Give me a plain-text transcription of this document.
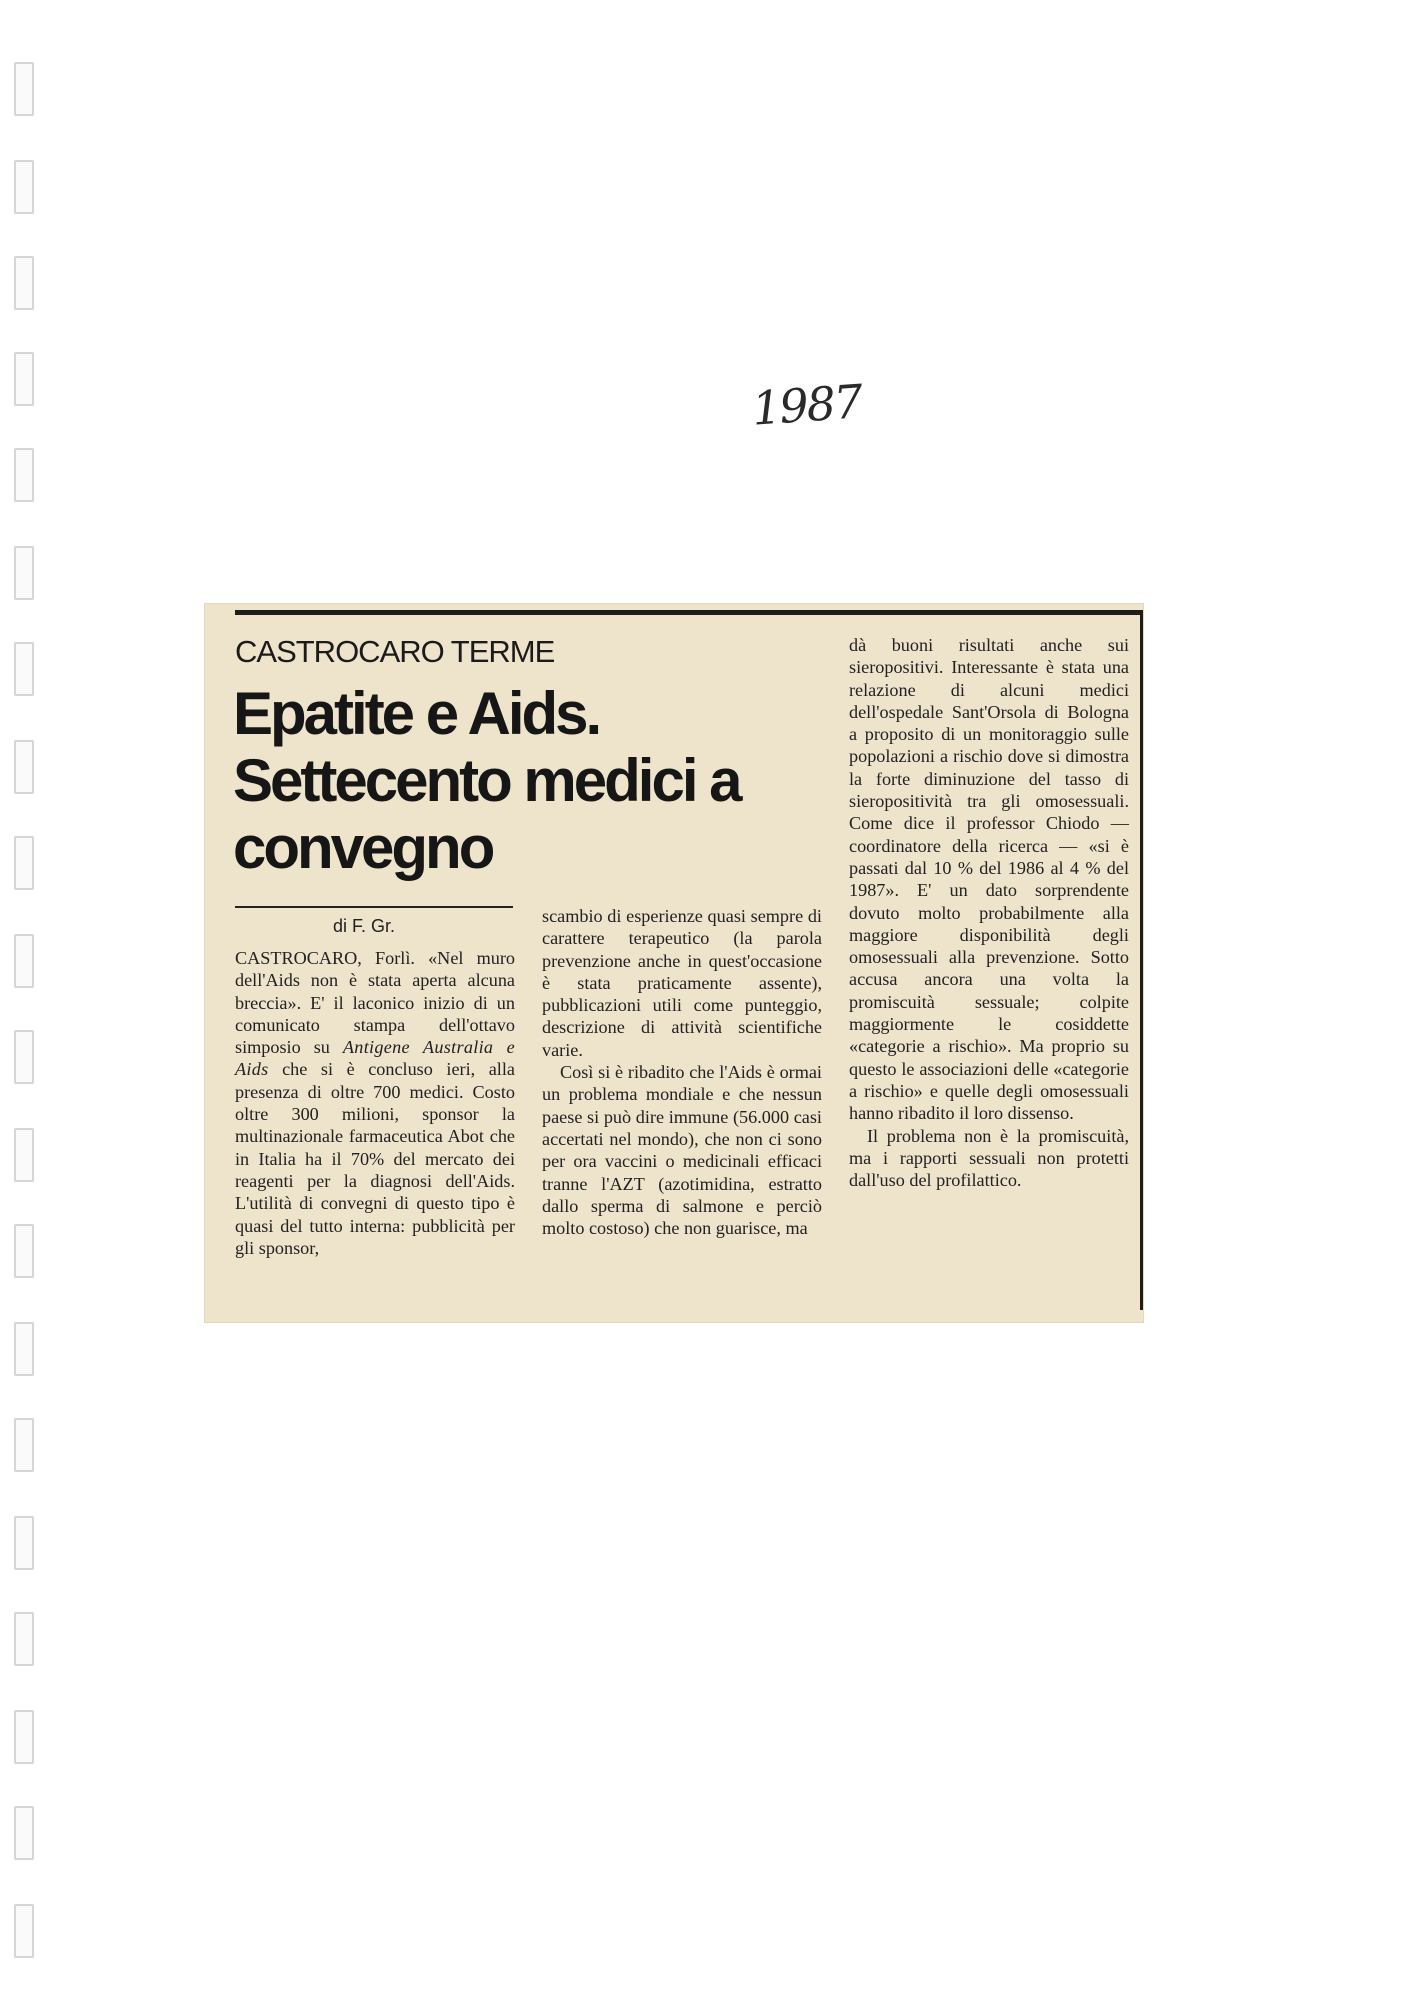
1987
CASTROCARO TERME
Epatite e Aids. Settecento medici a convegno
di F. Gr.

CASTROCARO, Forlì. «Nel muro dell'Aids non è stata aperta alcuna breccia». E' il laconico inizio di un comunicato stampa dell'ottavo simposio su Antigene Australia e Aids che si è concluso ieri, alla presenza di oltre 700 medici. Costo oltre 300 milioni, sponsor la multinazionale farmaceutica Abot che in Italia ha il 70% del mercato dei reagenti per la diagnosi dell'Aids. L'utilità di convegni di questo tipo è quasi del tutto interna: pubblicità per gli sponsor,

scambio di esperienze quasi sempre di carattere terapeutico (la parola prevenzione anche in quest'occasione è stata praticamente assente), pubblicazioni utili come punteggio, descrizione di attività scientifiche varie.

Così si è ribadito che l'Aids è ormai un problema mondiale e che nessun paese si può dire immune (56.000 casi accertati nel mondo), che non ci sono per ora vaccini o medicinali efficaci tranne l'AZT (azotimidina, estratto dallo sperma di salmone e perciò molto costoso) che non guarisce, ma

dà buoni risultati anche sui sieropositivi. Interessante è stata una relazione di alcuni medici dell'ospedale Sant'Orsola di Bologna a proposito di un monitoraggio sulle popolazioni a rischio dove si dimostra la forte diminuzione del tasso di sieropositività tra gli omosessuali. Come dice il professor Chiodo — coordinatore della ricerca — «si è passati dal 10 % del 1986 al 4 % del 1987». E' un dato sorprendente dovuto molto probabilmente alla maggiore disponibilità degli omosessuali alla prevenzione. Sotto accusa ancora una volta la promiscuità sessuale; colpite maggiormente le cosiddette «categorie a rischio». Ma proprio su questo le associazioni delle «categorie a rischio» e quelle degli omosessuali hanno ribadito il loro dissenso.

Il problema non è la promiscuità, ma i rapporti sessuali non protetti dall'uso del profilattico.
